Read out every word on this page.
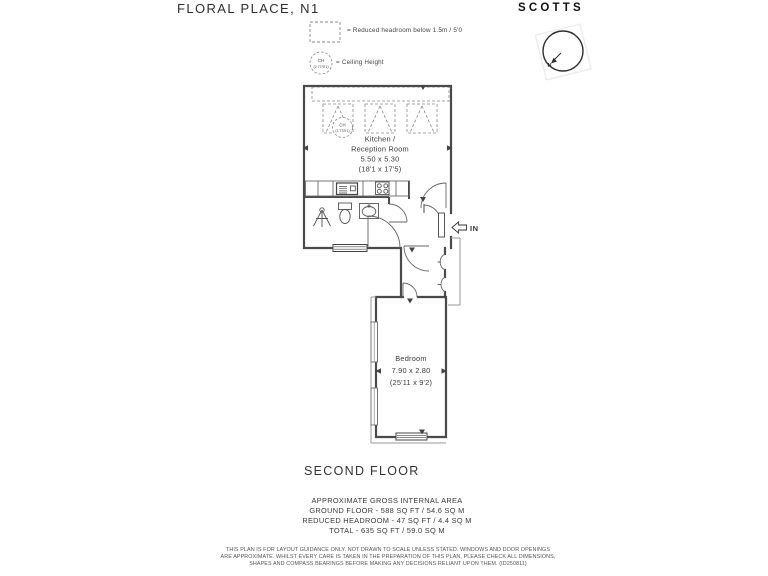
FLORAL PLACE, N1	SCOTTS
= Reduced headroom below 1.5m / 5'0
= Ceiling Height
CH
(2.77/9'1)	N
CH
(2.77/9'1)
IN
Kitchen /
Reception Room
5.50 x 5.30
(18'1 x 17'5)
Bedroom
7.90 x 2.80
(25'11 x 9'2)
SECOND FLOOR
APPROXIMATE GROSS INTERNAL AREA
GROUND FLOOR - 588 SQ FT / 54.6 SQ M
REDUCED HEADROOM - 47 SQ FT / 4.4 SQ M
TOTAL - 635 SQ FT / 59.0 SQ M
THIS PLAN IS FOR LAYOUT GUIDANCE ONLY. NOT DRAWN TO SCALE UNLESS STATED. WINDOWS AND DOOR OPENINGS
ARE APPROXIMATE. WHILST EVERY CARE IS TAKEN IN THE PREPARATION OF THIS PLAN, PLEASE CHECK ALL DIMENSIONS,
SHAPES AND COMPASS BEARINGS BEFORE MAKING ANY DECISIONS RELIANT UPON THEM. (ID250811)
